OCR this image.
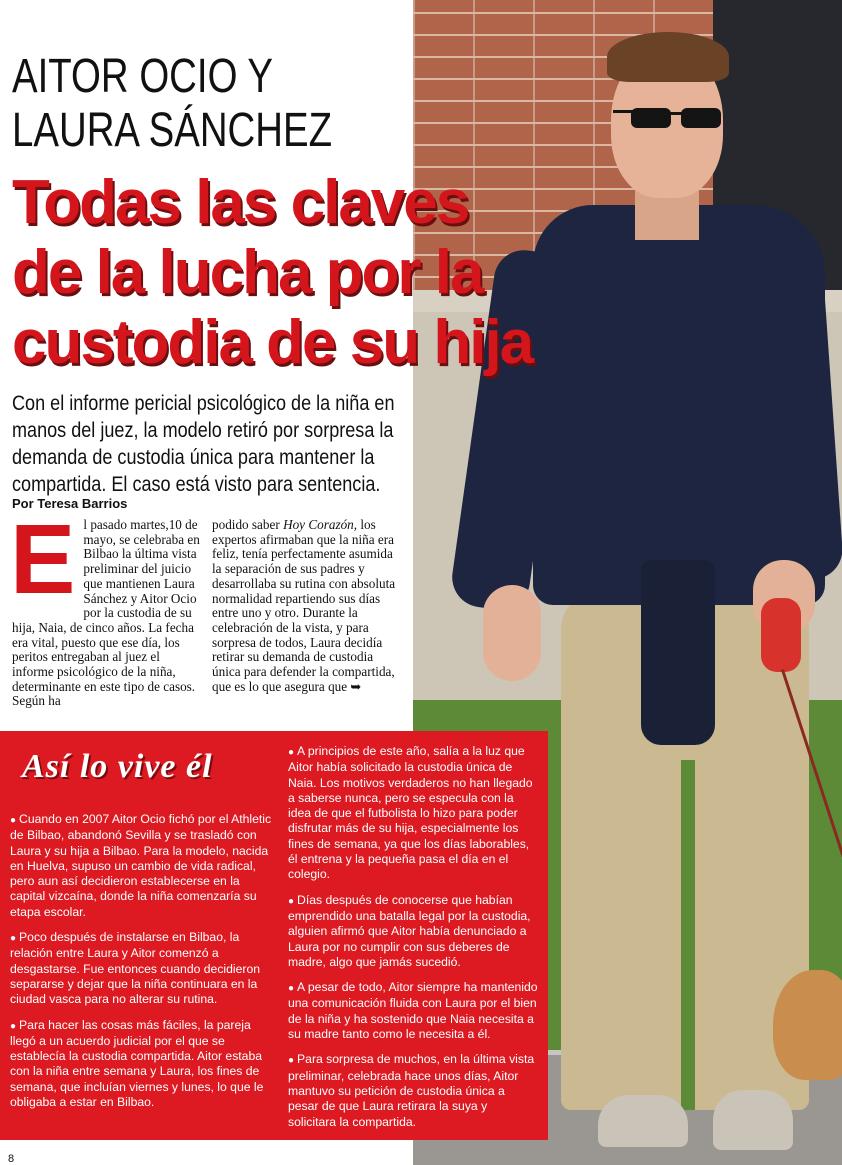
AITOR OCIO Y
LAURA SÁNCHEZ
Todas las claves
de la lucha por la
custodia de su hija

Con el informe pericial psicológico de la niña en manos del juez, la modelo retiró por sorpresa la demanda de custodia única para mantener la compartida. El caso está visto para sentencia.

Por Teresa Barrios

E l pasado martes,10 de mayo, se celebraba en Bilbao la última vista preliminar del juicio que mantienen Laura Sánchez y Aitor Ocio por la custodia de su hija, Naia, de cinco años. La fecha era vital, puesto que ese día, los peritos entregaban al juez el informe psicológico de la niña, determinante en este tipo de casos. Según ha
podido saber Hoy Corazón, los expertos afirmaban que la niña era feliz, tenía perfectamente asumida la separación de sus padres y desarrollaba su rutina con absoluta normalidad repartiendo sus días entre uno y otro. Durante la celebración de la vista, y para sorpresa de todos, Laura decidía retirar su demanda de custodia única para defender la compartida, que es lo que asegura que ➥
Así lo vive él

● Cuando en 2007 Aitor Ocio fichó por el Athletic de Bilbao, abandonó Sevilla y se trasladó con Laura y su hija a Bilbao. Para la modelo, nacida en Huelva, supuso un cambio de vida radical, pero aun así decidieron establecerse en la capital vizcaína, donde la niña comenzaría su etapa escolar.

● Poco después de instalarse en Bilbao, la relación entre Laura y Aitor comenzó a desgastarse. Fue entonces cuando decidieron separarse y dejar que la niña continuara en la ciudad vasca para no alterar su rutina.

● Para hacer las cosas más fáciles, la pareja llegó a un acuerdo judicial por el que se establecía la custodia compartida. Aitor estaba con la niña entre semana y Laura, los fines de semana, que incluían viernes y lunes, lo que le obligaba a estar en Bilbao.

● A principios de este año, salía a la luz que Aitor había solicitado la custodia única de Naia. Los motivos verdaderos no han llegado a saberse nunca, pero se especula con la idea de que el futbolista lo hizo para poder disfrutar más de su hija, especialmente los fines de semana, ya que los días laborables, él entrena y la pequeña pasa el día en el colegio.

● Días después de conocerse que habían emprendido una batalla legal por la custodia, alguien afirmó que Aitor había denunciado a Laura por no cumplir con sus deberes de madre, algo que jamás sucedió.

● A pesar de todo, Aitor siempre ha mantenido una comunicación fluida con Laura por el bien de la niña y ha sostenido que Naia necesita a su madre tanto como le necesita a él.

● Para sorpresa de muchos, en la última vista preliminar, celebrada hace unos días, Aitor mantuvo su petición de custodia única a pesar de que Laura retirara la suya y solicitara la compartida.

8
